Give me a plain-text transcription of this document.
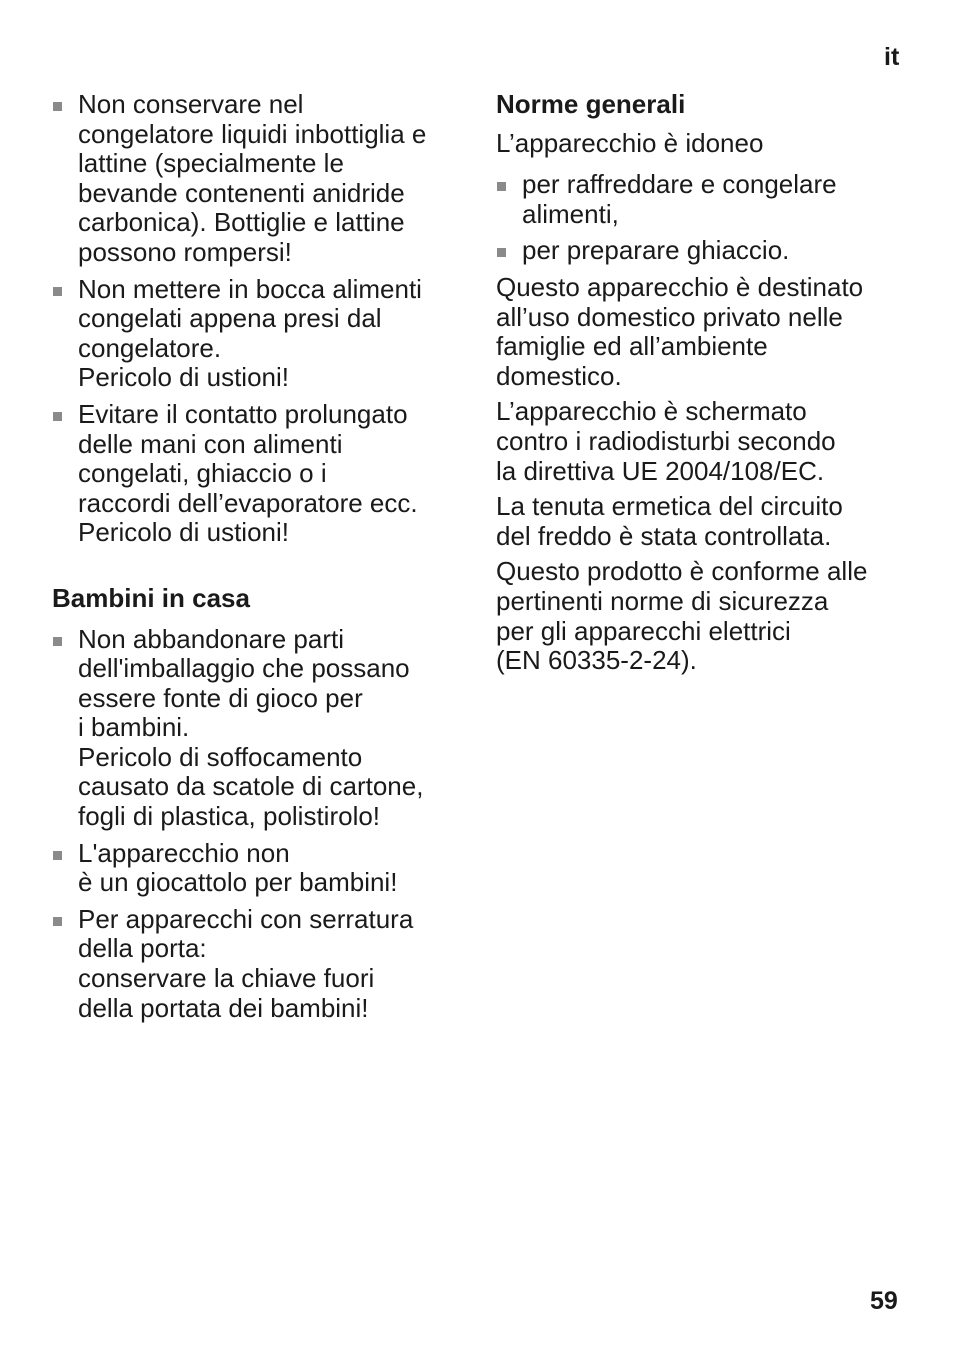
it
Non conservare nel
congelatore liquidi inbottiglia e
lattine (specialmente le
bevande contenenti anidride
carbonica). Bottiglie e lattine
possono rompersi!
Non mettere in bocca alimenti
congelati appena presi dal
congelatore.
Pericolo di ustioni!
Evitare il contatto prolungato
delle mani con alimenti
congelati, ghiaccio o i
raccordi dell’evaporatore ecc.
Pericolo di ustioni!
Bambini in casa
Non abbandonare parti
dell'imballaggio che possano
essere fonte di gioco per
i bambini.
Pericolo di soffocamento
causato da scatole di cartone,
fogli di plastica, polistirolo!
L'apparecchio non
è un giocattolo per bambini!
Per apparecchi con serratura
della porta:
conservare la chiave fuori
della portata dei bambini!
Norme generali

L’apparecchio è idoneo

per raffreddare e congelare
alimenti,
per preparare ghiaccio.

Questo apparecchio è destinato
all’uso domestico privato nelle
famiglie ed all’ambiente
domestico.

L’apparecchio è schermato
contro i radiodisturbi secondo
la direttiva UE 2004/108/EC.

La tenuta ermetica del circuito
del freddo è stata controllata.

Questo prodotto è conforme alle
pertinenti norme di sicurezza
per gli apparecchi elettrici
(EN 60335-2-24).

59
